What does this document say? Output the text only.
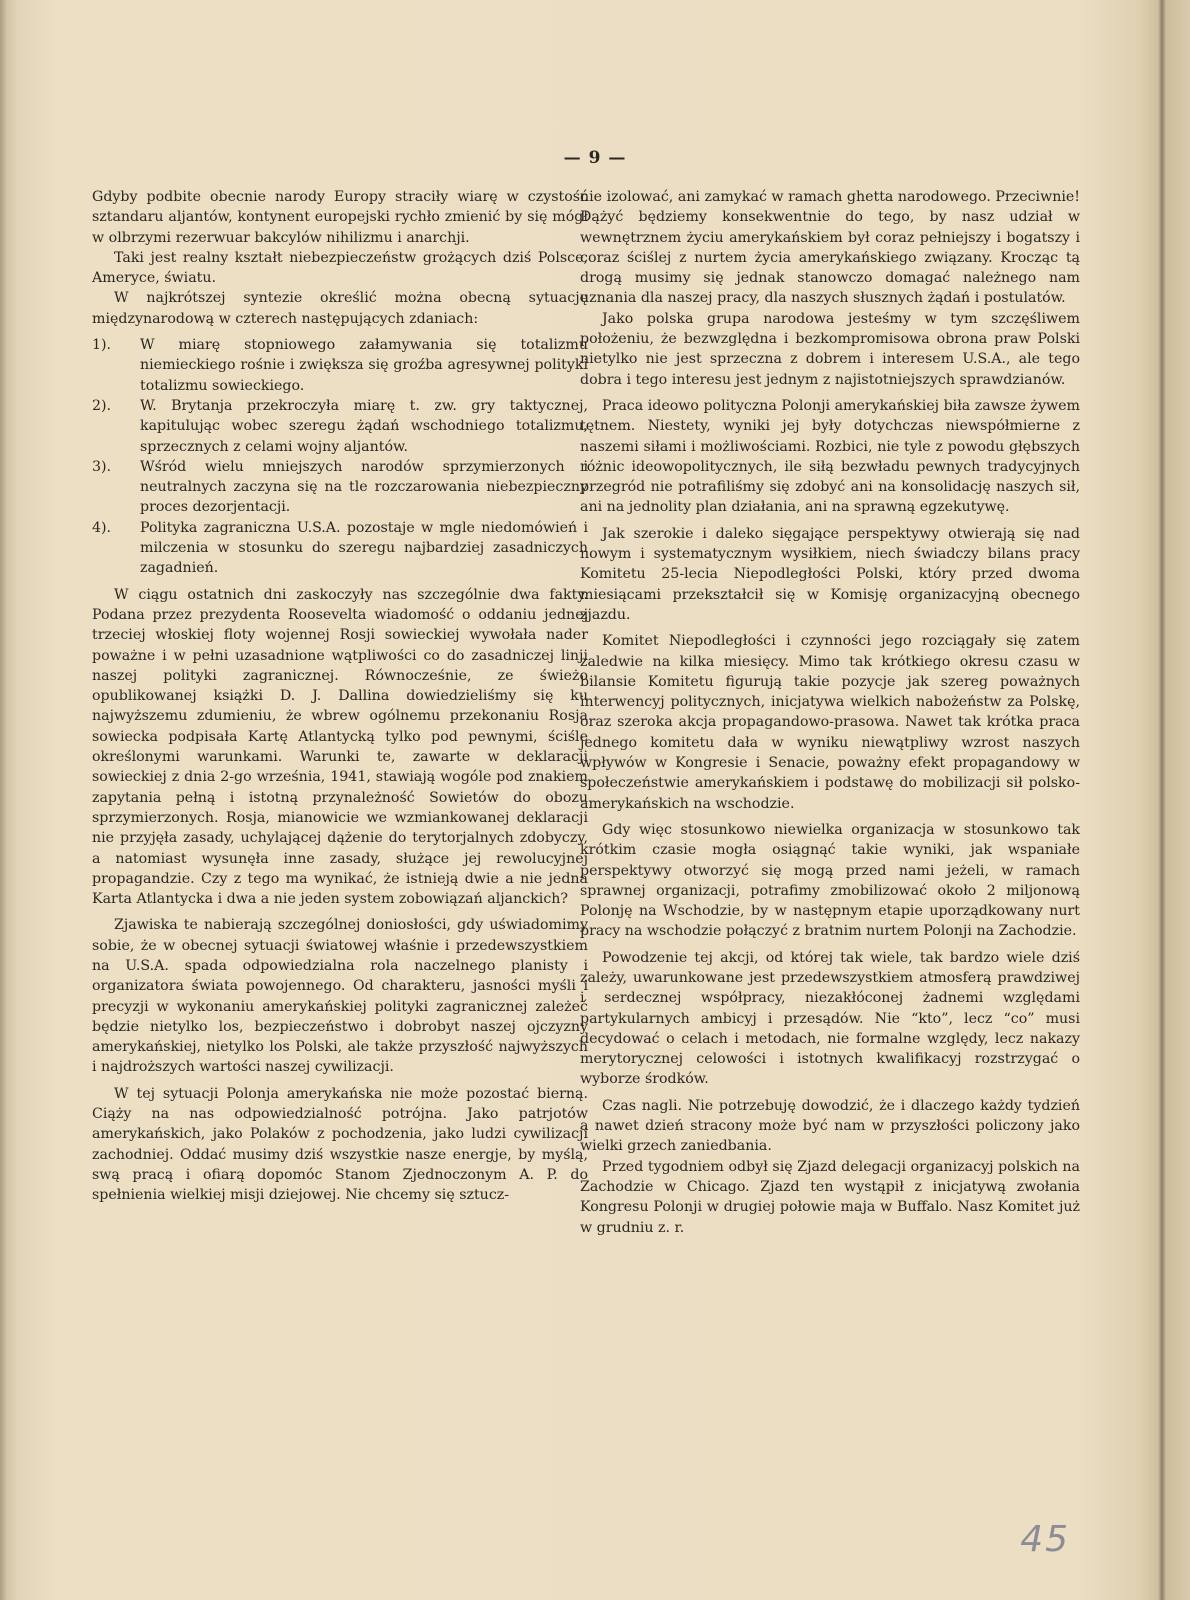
— 9 —

Gdyby podbite obecnie narody Europy straciły wiarę w czystość sztandaru aljantów, kontynent europejski rychło zmienić by się mógł w olbrzymi rezerwuar bakcylów nihilizmu i anarchji.

Taki jest realny kształt niebezpieczeństw grożących dziś Polsce, Ameryce, światu.

W najkrótszej syntezie określić można obecną sytuację międzynarodową w czterech następujących zdaniach:

1). W miarę stopniowego załamywania się totalizmu niemieckiego rośnie i zwiększa się groźba agresywnej polityki totalizmu sowieckiego.
2). W. Brytanja przekroczyła miarę t. zw. gry taktycznej, kapitulując wobec szeregu żądań wschodniego totalizmu, sprzecznych z celami wojny aljantów.
3). Wśród wielu mniejszych narodów sprzymierzonych i neutralnych zaczyna się na tle rozczarowania niebezpieczny proces dezorjentacji.
4). Polityka zagraniczna U.S.A. pozostaje w mgle niedomówień i milczenia w stosunku do szeregu najbardziej zasadniczych zagadnień.

W ciągu ostatnich dni zaskoczyły nas szczególnie dwa fakty. Podana przez prezydenta Roosevelta wiadomość o oddaniu jednej trzeciej włoskiej floty wojennej Rosji sowieckiej wywołała nader poważne i w pełni uzasadnione wątpliwości co do zasadniczej linji naszej polityki zagranicznej. Równocześnie, ze świeżo opublikowanej książki D. J. Dallina dowiedzieliśmy się ku najwyższemu zdumieniu, że wbrew ogólnemu przekonaniu Rosja sowiecka podpisała Kartę Atlantycką tylko pod pewnymi, ściśle określonymi warunkami. Warunki te, zawarte w deklaracji sowieckiej z dnia 2-go września, 1941, stawiają wogóle pod znakiem zapytania pełną i istotną przynależność Sowietów do obozu sprzymierzonych. Rosja, mianowicie we wzmiankowanej deklaracji nie przyjęła zasady, uchylającej dążenie do terytorjalnych zdobyczy, a natomiast wysunęła inne zasady, służące jej rewolucyjnej propagandzie. Czy z tego ma wynikać, że istnieją dwie a nie jedna Karta Atlantycka i dwa a nie jeden system zobowiązań aljanckich?

Zjawiska te nabierają szczególnej doniosłości, gdy uświadomimy sobie, że w obecnej sytuacji światowej właśnie i przedewszystkiem na U.S.A. spada odpowiedzialna rola naczelnego planisty i organizatora świata powojennego. Od charakteru, jasności myśli i precyzji w wykonaniu amerykańskiej polityki zagranicznej zależeć będzie nietylko los, bezpieczeństwo i dobrobyt naszej ojczyzny amerykańskiej, nietylko los Polski, ale także przyszłość najwyższych i najdroższych wartości naszej cywilizacji.

W tej sytuacji Polonja amerykańska nie może pozostać bierną. Ciąży na nas odpowiedzialność potrójna. Jako patrjotów amerykańskich, jako Polaków z pochodzenia, jako ludzi cywilizacji zachodniej. Oddać musimy dziś wszystkie nasze energje, by myślą, swą pracą i ofiarą dopomóc Stanom Zjednoczonym A. P. do spełnienia wielkiej misji dziejowej. Nie chcemy się sztucz-

nie izolować, ani zamykać w ramach ghetta narodowego. Przeciwnie! Dążyć będziemy konsekwentnie do tego, by nasz udział w wewnętrznem życiu amerykańskiem był coraz pełniejszy i bogatszy i coraz ściślej z nurtem życia amerykańskiego związany. Krocząc tą drogą musimy się jednak stanowczo domagać należnego nam uznania dla naszej pracy, dla naszych słusznych żądań i postulatów.

Jako polska grupa narodowa jesteśmy w tym szczęśliwem położeniu, że bezwzględna i bezkompromisowa obrona praw Polski nietylko nie jest sprzeczna z dobrem i interesem U.S.A., ale tego dobra i tego interesu jest jednym z najistotniejszych sprawdzianów.

Praca ideowo polityczna Polonji amerykańskiej biła zawsze żywem tętnem. Niestety, wyniki jej były dotychczas niewspółmierne z naszemi siłami i możliwościami. Rozbici, nie tyle z powodu głębszych różnic ideowopolitycznych, ile siłą bezwładu pewnych tradycyjnych przegród nie potrafiliśmy się zdobyć ani na konsolidację naszych sił, ani na jednolity plan działania, ani na sprawną egzekutywę.

Jak szerokie i daleko sięgające perspektywy otwierają się nad nowym i systematycznym wysiłkiem, niech świadczy bilans pracy Komitetu 25-lecia Niepodległości Polski, który przed dwoma miesiącami przekształcił się w Komisję organizacyjną obecnego zjazdu.

Komitet Niepodległości i czynności jego rozciągały się zatem zaledwie na kilka miesięcy. Mimo tak krótkiego okresu czasu w bilansie Komitetu figurują takie pozycje jak szereg poważnych interwencyj politycznych, inicjatywa wielkich nabożeństw za Polskę, oraz szeroka akcja propagandowo-prasowa. Nawet tak krótka praca jednego komitetu dała w wyniku niewątpliwy wzrost naszych wpływów w Kongresie i Senacie, poważny efekt propagandowy w społeczeństwie amerykańskiem i podstawę do mobilizacji sił polsko-amerykańskich na wschodzie.

Gdy więc stosunkowo niewielka organizacja w stosunkowo tak krótkim czasie mogła osiągnąć takie wyniki, jak wspaniałe perspektywy otworzyć się mogą przed nami jeżeli, w ramach sprawnej organizacji, potrafimy zmobilizować około 2 miljonową Polonję na Wschodzie, by w następnym etapie uporządkowany nurt pracy na wschodzie połączyć z bratnim nurtem Polonji na Zachodzie.

Powodzenie tej akcji, od której tak wiele, tak bardzo wiele dziś zależy, uwarunkowane jest przedewszystkiem atmosferą prawdziwej i serdecznej współpracy, niezakłóconej żadnemi względami partykularnych ambicyj i przesądów. Nie “kto”, lecz “co” musi decydować o celach i metodach, nie formalne względy, lecz nakazy merytorycznej celowości i istotnych kwalifikacyj rozstrzygać o wyborze środków.

Czas nagli. Nie potrzebuję dowodzić, że i dlaczego każdy tydzień a nawet dzień stracony może być nam w przyszłości policzony jako wielki grzech zaniedbania.

Przed tygodniem odbył się Zjazd delegacji organizacyj polskich na Zachodzie w Chicago. Zjazd ten wystąpił z inicjatywą zwołania Kongresu Polonji w drugiej połowie maja w Buffalo. Nasz Komitet już w grudniu z. r.

45
